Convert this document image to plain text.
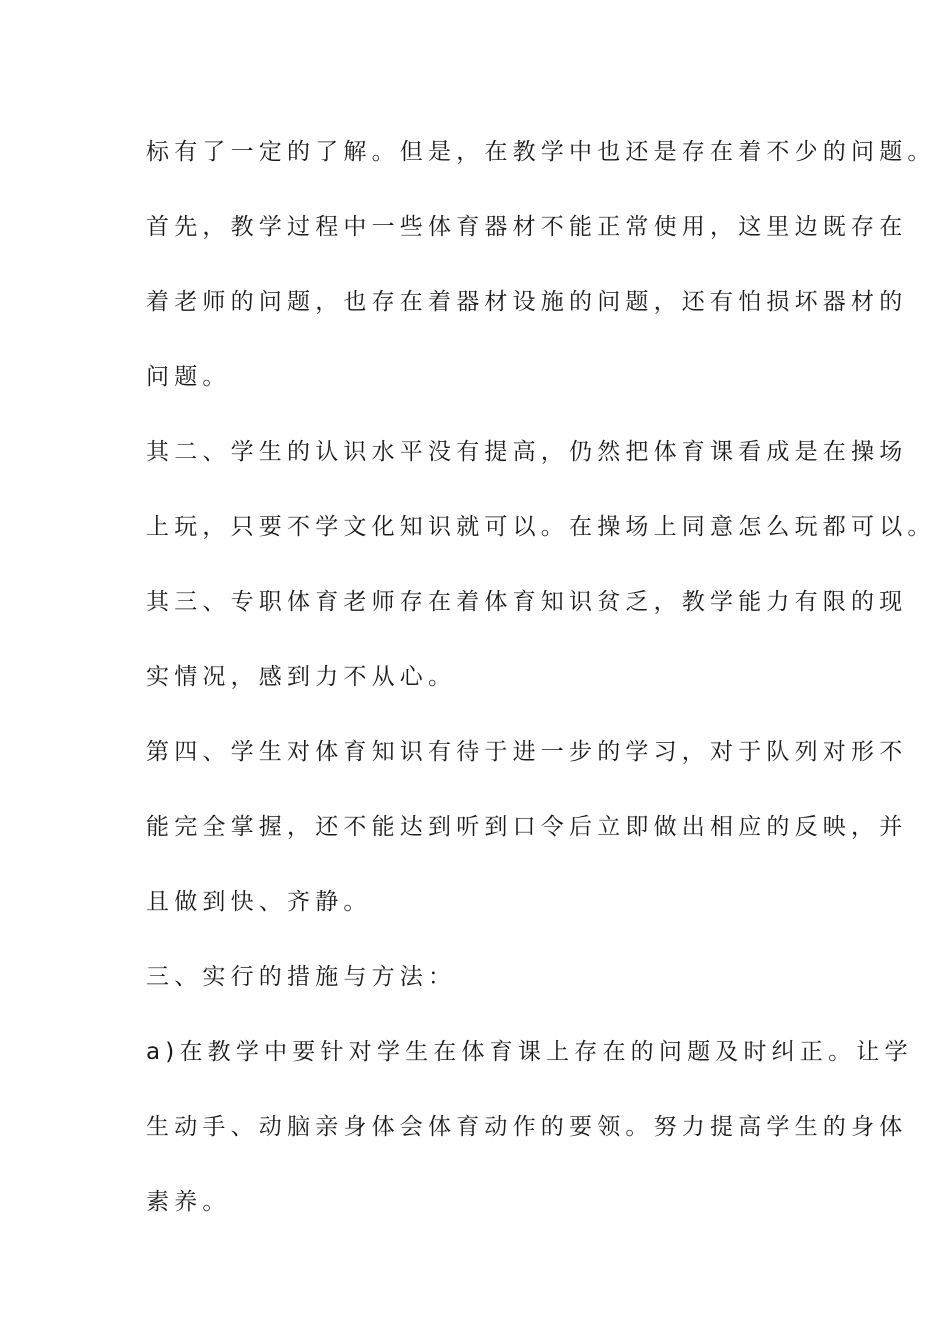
标有了一定的了解。但是，在教学中也还是存在着不少的问题。
首先，教学过程中一些体育器材不能正常使用，这里边既存在
着老师的问题，也存在着器材设施的问题，还有怕损坏器材的
问题。
其二、学生的认识水平没有提高，仍然把体育课看成是在操场
上玩，只要不学文化知识就可以。在操场上同意怎么玩都可以。
其三、专职体育老师存在着体育知识贫乏，教学能力有限的现
实情况，感到力不从心。
第四、学生对体育知识有待于进一步的学习，对于队列对形不
能完全掌握，还不能达到听到口令后立即做出相应的反映，并
且做到快、齐静。
三、实行的措施与方法：
a)在教学中要针对学生在体育课上存在的问题及时纠正。让学
生动手、动脑亲身体会体育动作的要领。努力提高学生的身体
素养。
